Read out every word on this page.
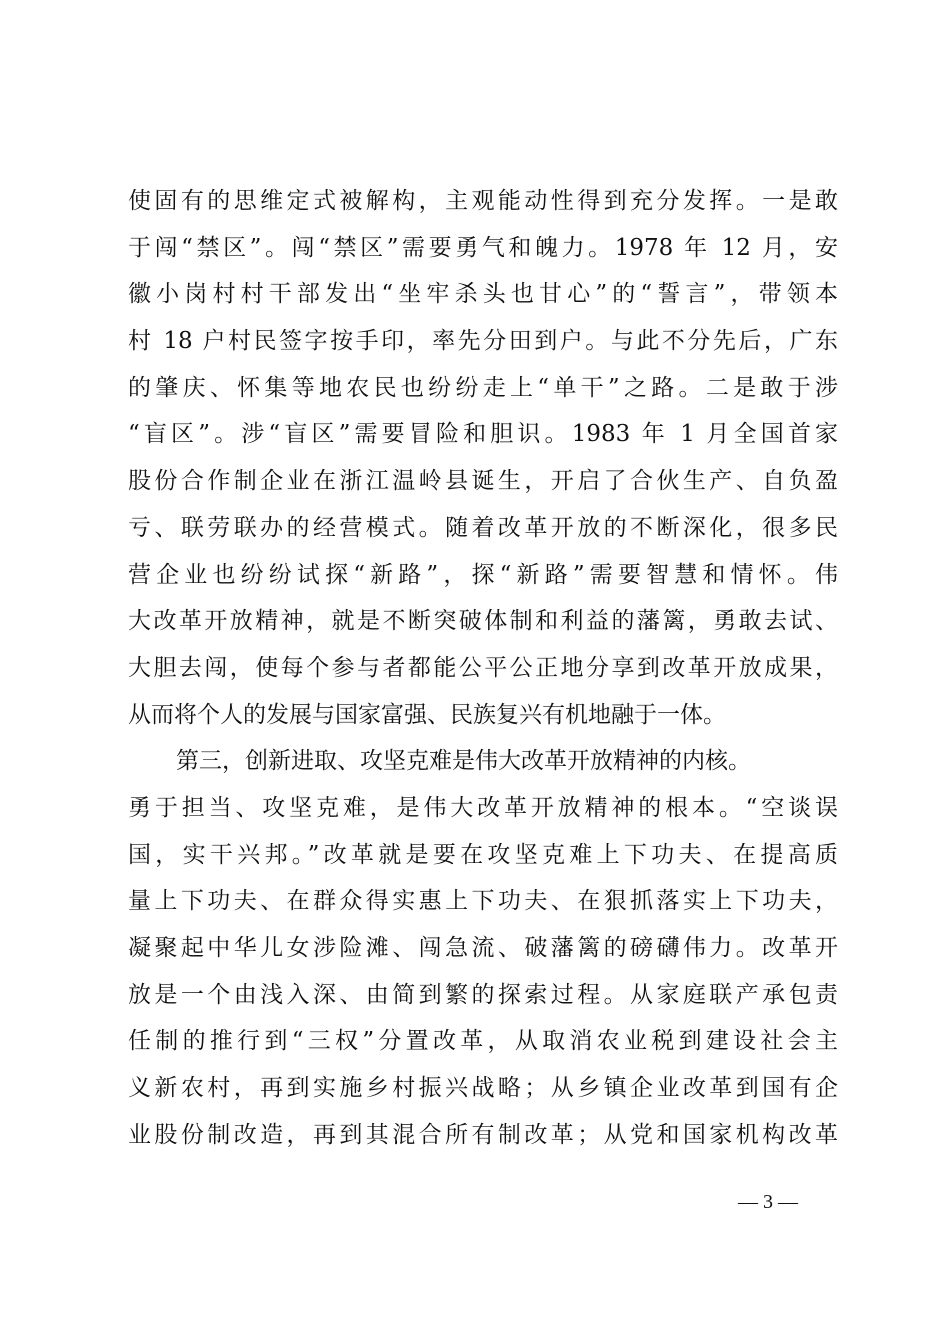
使固有的思维定式被解构，主观能动性得到充分发挥。一是敢
于闯“禁区”。闯“禁区”需要勇气和魄力。1978 年 12 月，安
徽小岗村村干部发出“坐牢杀头也甘心”的“誓言”，带领本
村 18 户村民签字按手印，率先分田到户。与此不分先后，广东
的肇庆、怀集等地农民也纷纷走上“单干”之路。二是敢于涉
“盲区”。涉“盲区”需要冒险和胆识。1983 年 1 月全国首家
股份合作制企业在浙江温岭县诞生，开启了合伙生产、自负盈
亏、联劳联办的经营模式。随着改革开放的不断深化，很多民
营企业也纷纷试探“新路”，探“新路”需要智慧和情怀。伟
大改革开放精神，就是不断突破体制和利益的藩篱，勇敢去试、
大胆去闯，使每个参与者都能公平公正地分享到改革开放成果，
从而将个人的发展与国家富强、民族复兴有机地融于一体。
第三，创新进取、攻坚克难是伟大改革开放精神的内核。
勇于担当、攻坚克难，是伟大改革开放精神的根本。“空谈误
国，实干兴邦。”改革就是要在攻坚克难上下功夫、在提高质
量上下功夫、在群众得实惠上下功夫、在狠抓落实上下功夫，
凝聚起中华儿女涉险滩、闯急流、破藩篱的磅礴伟力。改革开
放是一个由浅入深、由简到繁的探索过程。从家庭联产承包责
任制的推行到“三权”分置改革，从取消农业税到建设社会主
义新农村，再到实施乡村振兴战略；从乡镇企业改革到国有企
业股份制改造，再到其混合所有制改革；从党和国家机构改革
— 3 —
